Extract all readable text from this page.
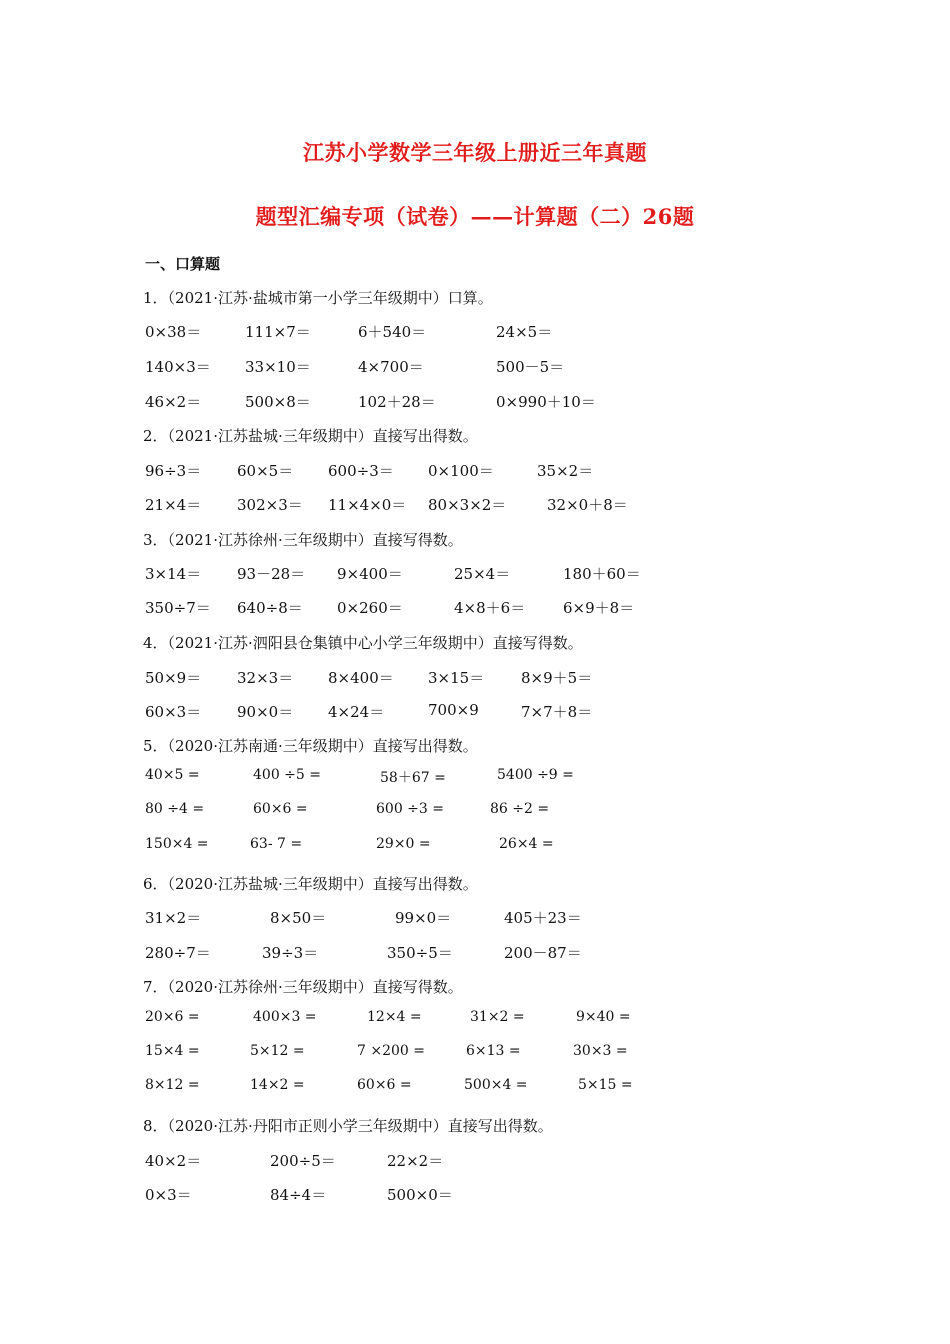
江苏小学数学三年级上册近三年真题
题型汇编专项（试卷）——计算题（二）26题
一、口算题
1．（2021·江苏·盐城市第一小学三年级期中）口算。
0×38＝	111×7＝	6＋540＝	24×5＝
140×3＝ 33×10＝	4×700＝	500－5＝
46×2＝	500×8＝	102＋28＝	0×990＋10＝
2．（2021·江苏盐城·三年级期中）直接写出得数。
96÷3＝ 60×5＝ 600÷3＝ 0×100＝	35×2＝
21×4＝ 302×3＝ 11×4×0＝ 80×3×2＝	32×0＋8＝
3．（2021·江苏徐州·三年级期中）直接写得数。
3×14＝ 93－28＝ 9×400＝	25×4＝	180＋60＝
350÷7＝ 640÷8＝ 0×260＝	4×8＋6＝	6×9＋8＝
4．（2021·江苏·泗阳县仓集镇中心小学三年级期中）直接写得数。
50×9＝ 32×3＝ 8×400＝ 3×15＝ 8×9＋5＝
60×3＝ 90×0＝ 4×24＝	700×9	7×7＋8＝
5．（2020·江苏南通·三年级期中）直接写出得数。
40×5 =	400 ÷5 =	58＋67 =	5400 ÷9 =
80 ÷4 =	60×6 =	600 ÷3 =	86 ÷2 =
150×4 =	63- 7 =	29×0 =	26×4 =
6．（2020·江苏盐城·三年级期中）直接写出得数。
31×2＝	8×50＝	99×0＝	405＋23＝
280÷7＝	39÷3＝	350÷5＝	200－87＝
7．（2020·江苏徐州·三年级期中）直接写得数。
20×6 =	400×3 =	12×4 =	31×2 =	9×40 =
15×4 =	5×12 =	7 ×200 =	6×13 =	30×3 =
8×12 =	14×2 =	60×6 =	500×4 =	5×15 =
8．（2020·江苏·丹阳市正则小学三年级期中）直接写出得数。
40×2＝	200÷5＝	22×2＝
0×3＝	84÷4＝	500×0＝
